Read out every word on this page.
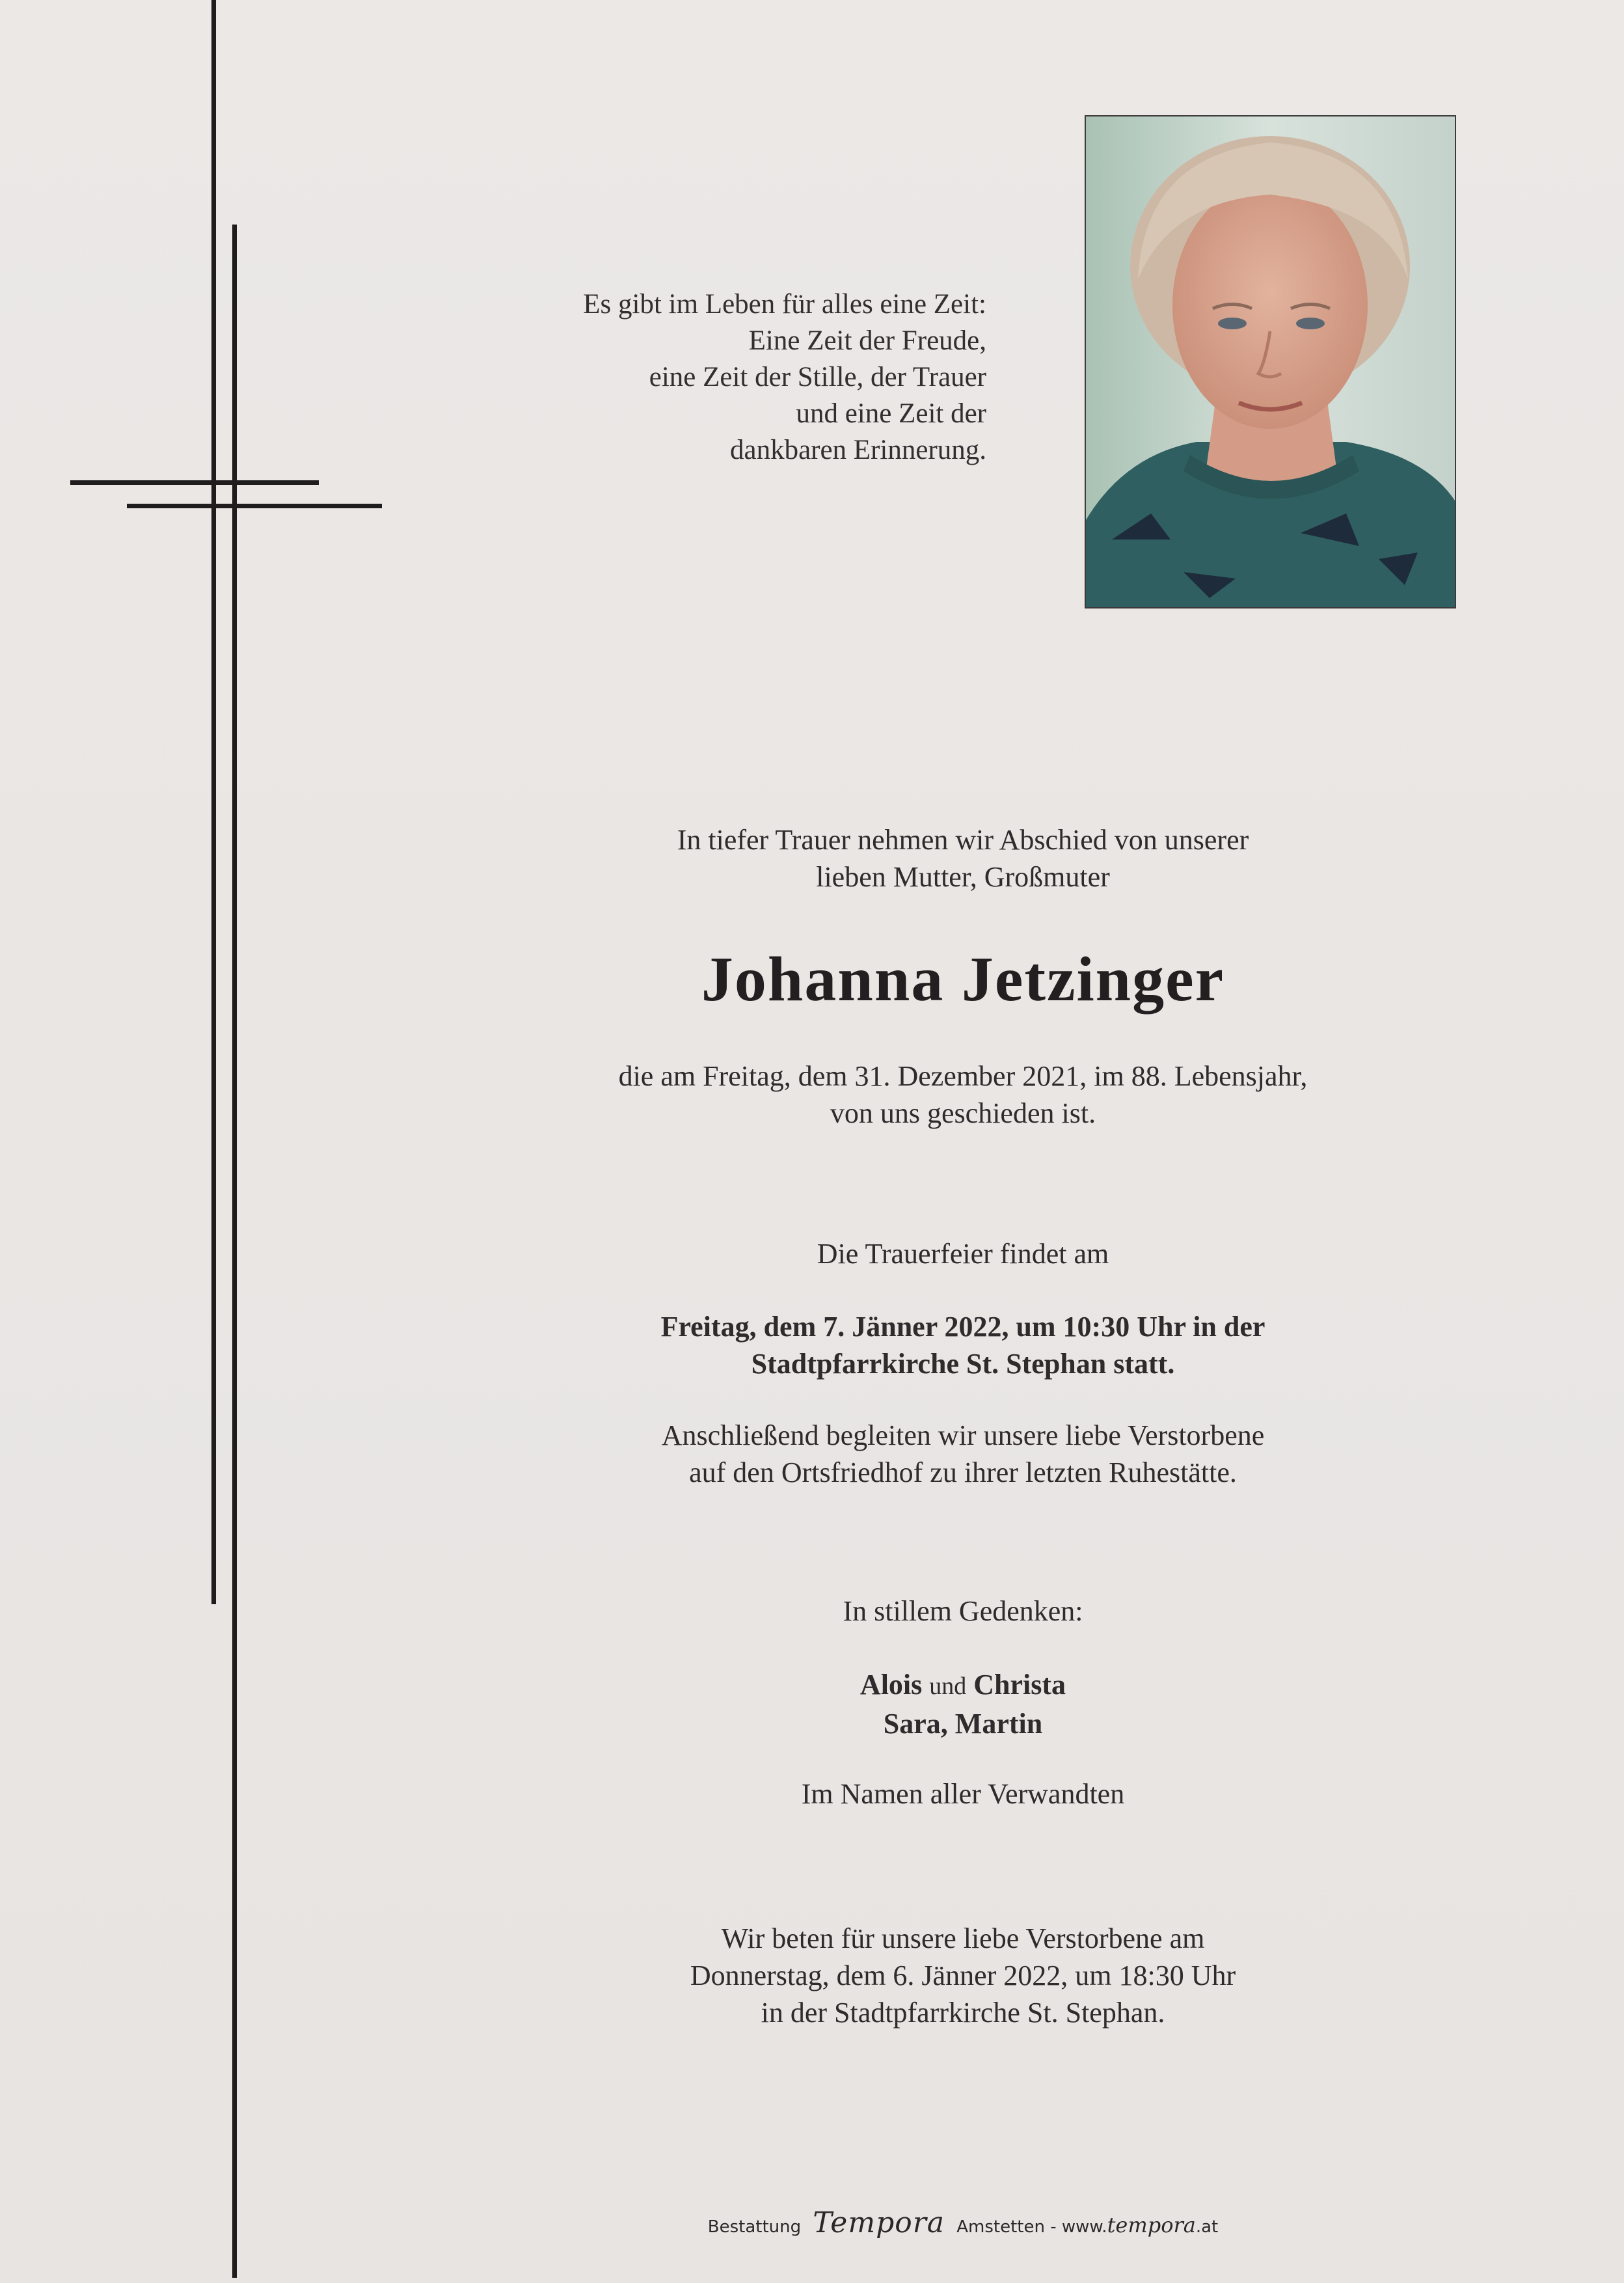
Es gibt im Leben für alles eine Zeit:
Eine Zeit der Freude,
eine Zeit der Stille, der Trauer
und eine Zeit der
dankbaren Erinnerung.
In tiefer Trauer nehmen wir Abschied von unserer
lieben Mutter, Großmuter
Johanna Jetzinger
die am Freitag, dem 31. Dezember 2021, im 88. Lebensjahr,
von uns geschieden ist.
Die Trauerfeier findet am
Freitag, dem 7. Jänner 2022, um 10:30 Uhr in der
Stadtpfarrkirche St. Stephan statt.
Anschließend begleiten wir unsere liebe Verstorbene
auf den Ortsfriedhof zu ihrer letzten Ruhestätte.
In stillem Gedenken:
Alois und Christa
Sara, Martin
Im Namen aller Verwandten
Wir beten für unsere liebe Verstorbene am
Donnerstag, dem 6. Jänner 2022, um 18:30 Uhr
in der Stadtpfarrkirche St. Stephan.
Bestattung Tempora Amstetten - www.tempora.at
